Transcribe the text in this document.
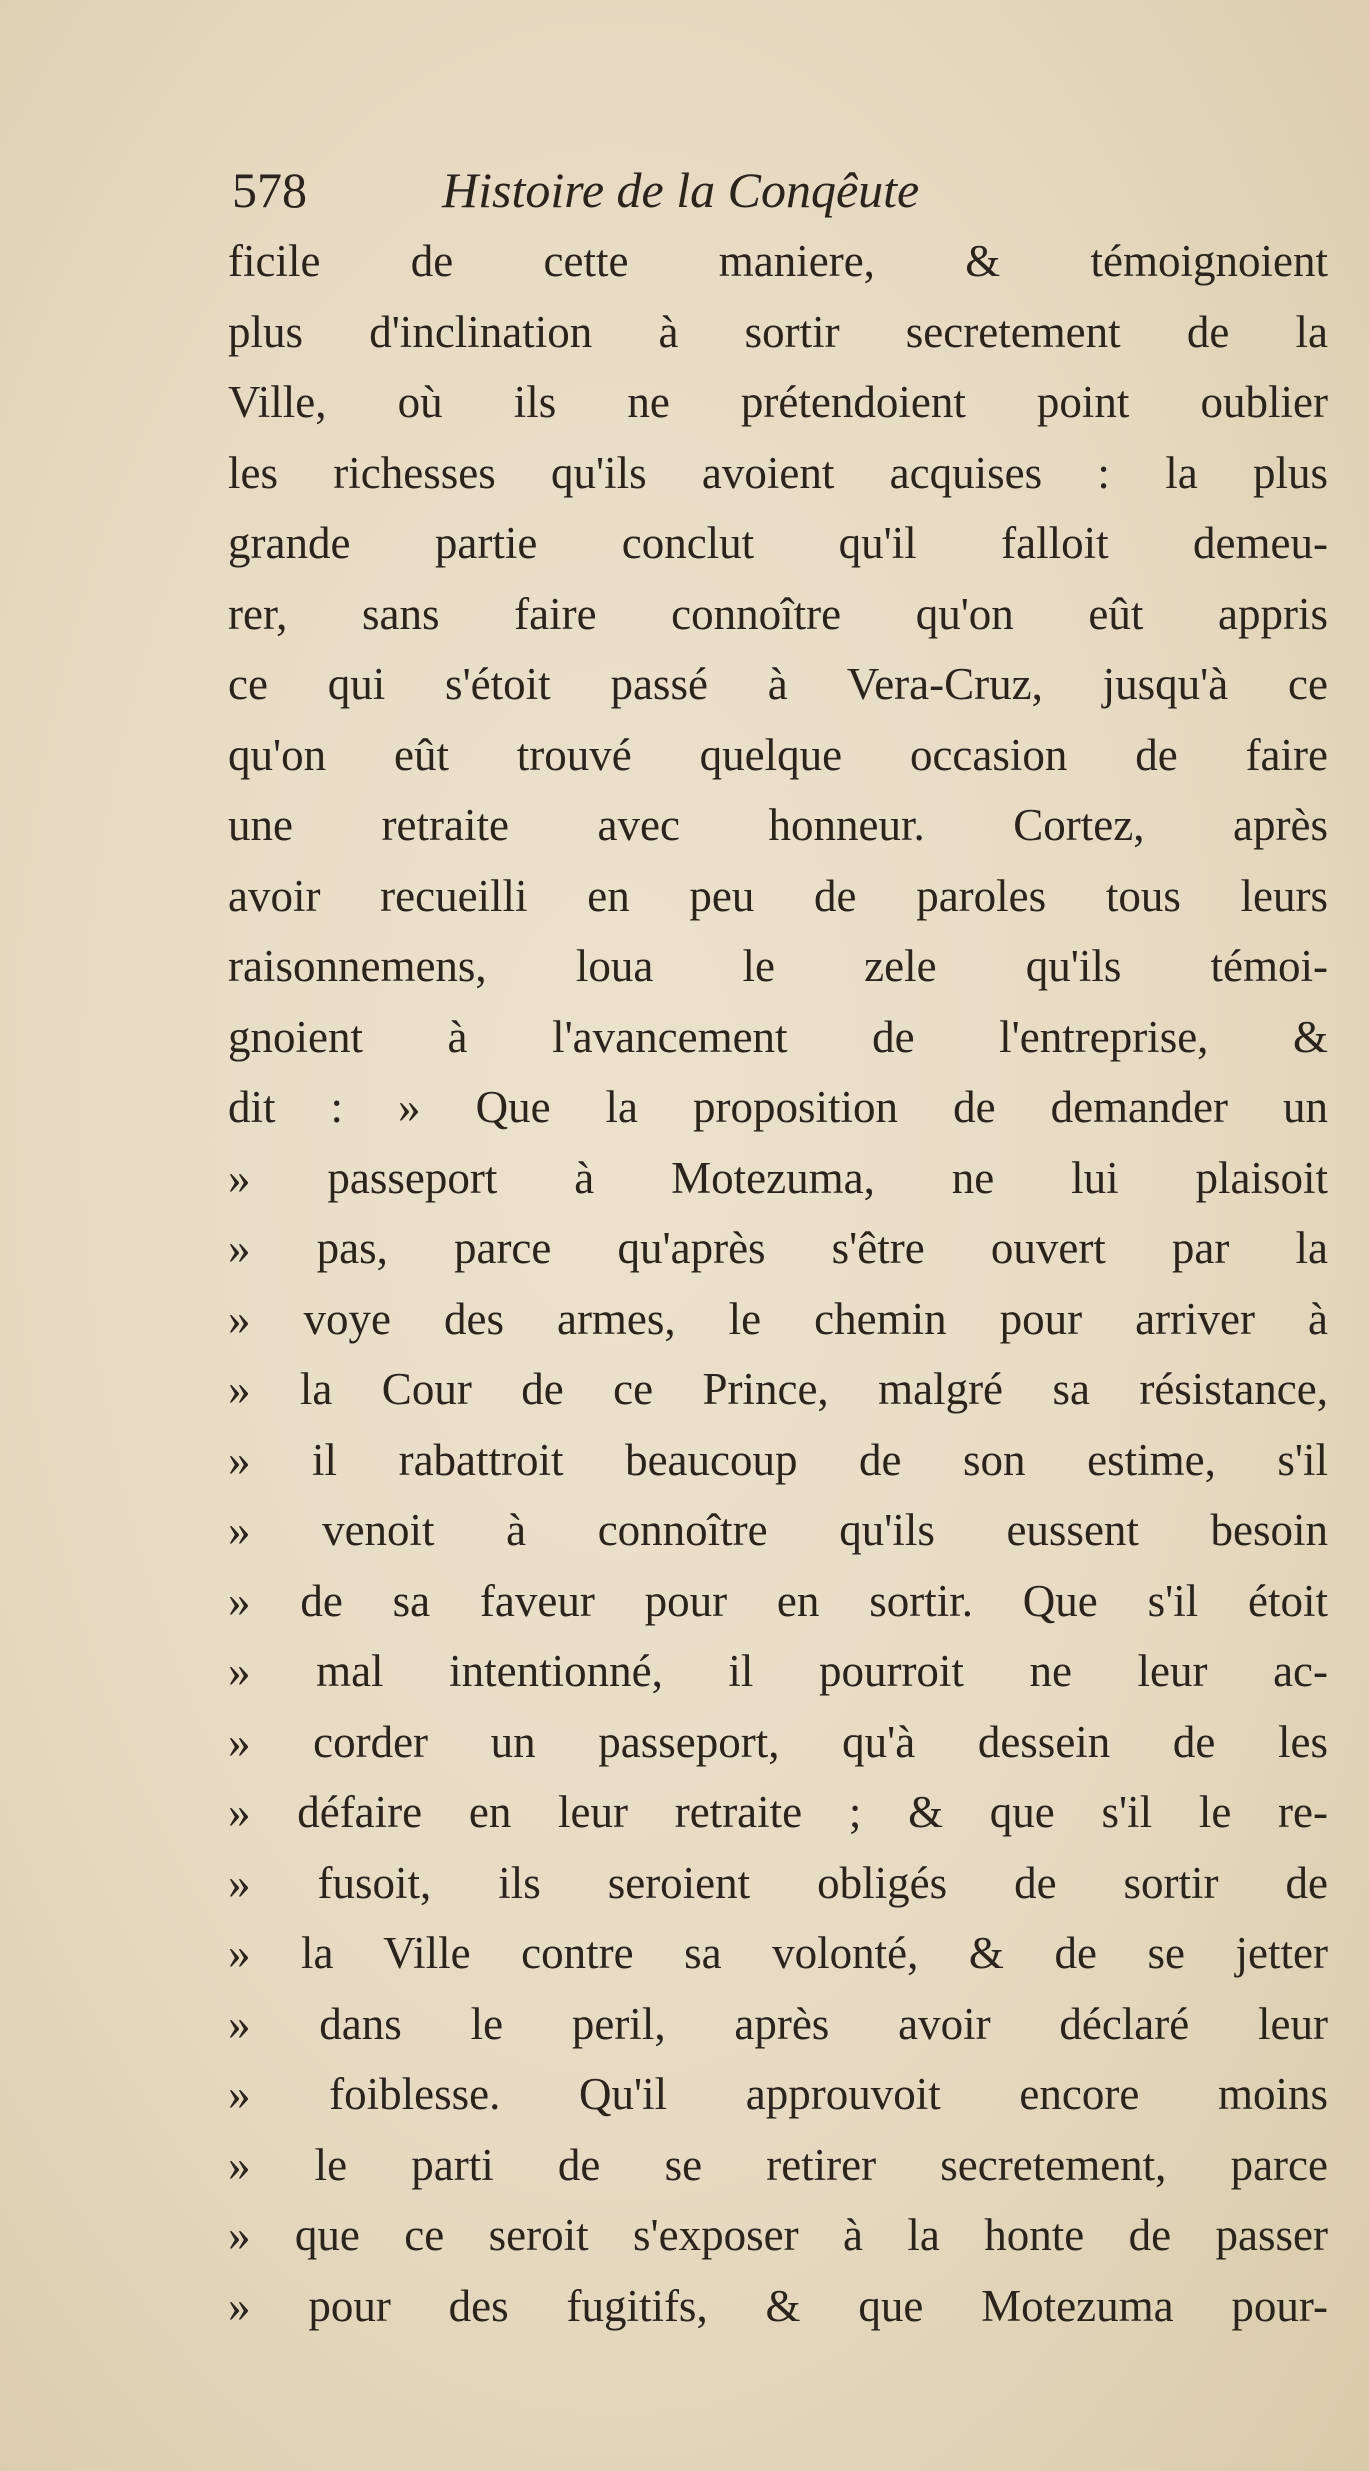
578	Histoire de la Conqêute
ficile de cette maniere, & témoignoient
plus d'inclination à sortir secretement de la
Ville, où ils ne prétendoient point oublier
les richesses qu'ils avoient acquises : la plus
grande partie conclut qu'il falloit demeu-
rer, sans faire connoître qu'on eût appris
ce qui s'étoit passé à Vera-Cruz, jusqu'à ce
qu'on eût trouvé quelque occasion de faire
une retraite avec honneur. Cortez, après
avoir recueilli en peu de paroles tous leurs
raisonnemens, loua le zele qu'ils témoi-
gnoient à l'avancement de l'entreprise, &
dit : » Que la proposition de demander un
» passeport à Motezuma, ne lui plaisoit
» pas, parce qu'après s'être ouvert par la
» voye des armes, le chemin pour arriver à
» la Cour de ce Prince, malgré sa résistance,
» il rabattroit beaucoup de son estime, s'il
» venoit à connoître qu'ils eussent besoin
» de sa faveur pour en sortir. Que s'il étoit
» mal intentionné, il pourroit ne leur ac-
» corder un passeport, qu'à dessein de les
» défaire en leur retraite ; & que s'il le re-
» fusoit, ils seroient obligés de sortir de
» la Ville contre sa volonté, & de se jetter
» dans le peril, après avoir déclaré leur
» foiblesse. Qu'il approuvoit encore moins
» le parti de se retirer secretement, parce
» que ce seroit s'exposer à la honte de passer
» pour des fugitifs, & que Motezuma pour-
